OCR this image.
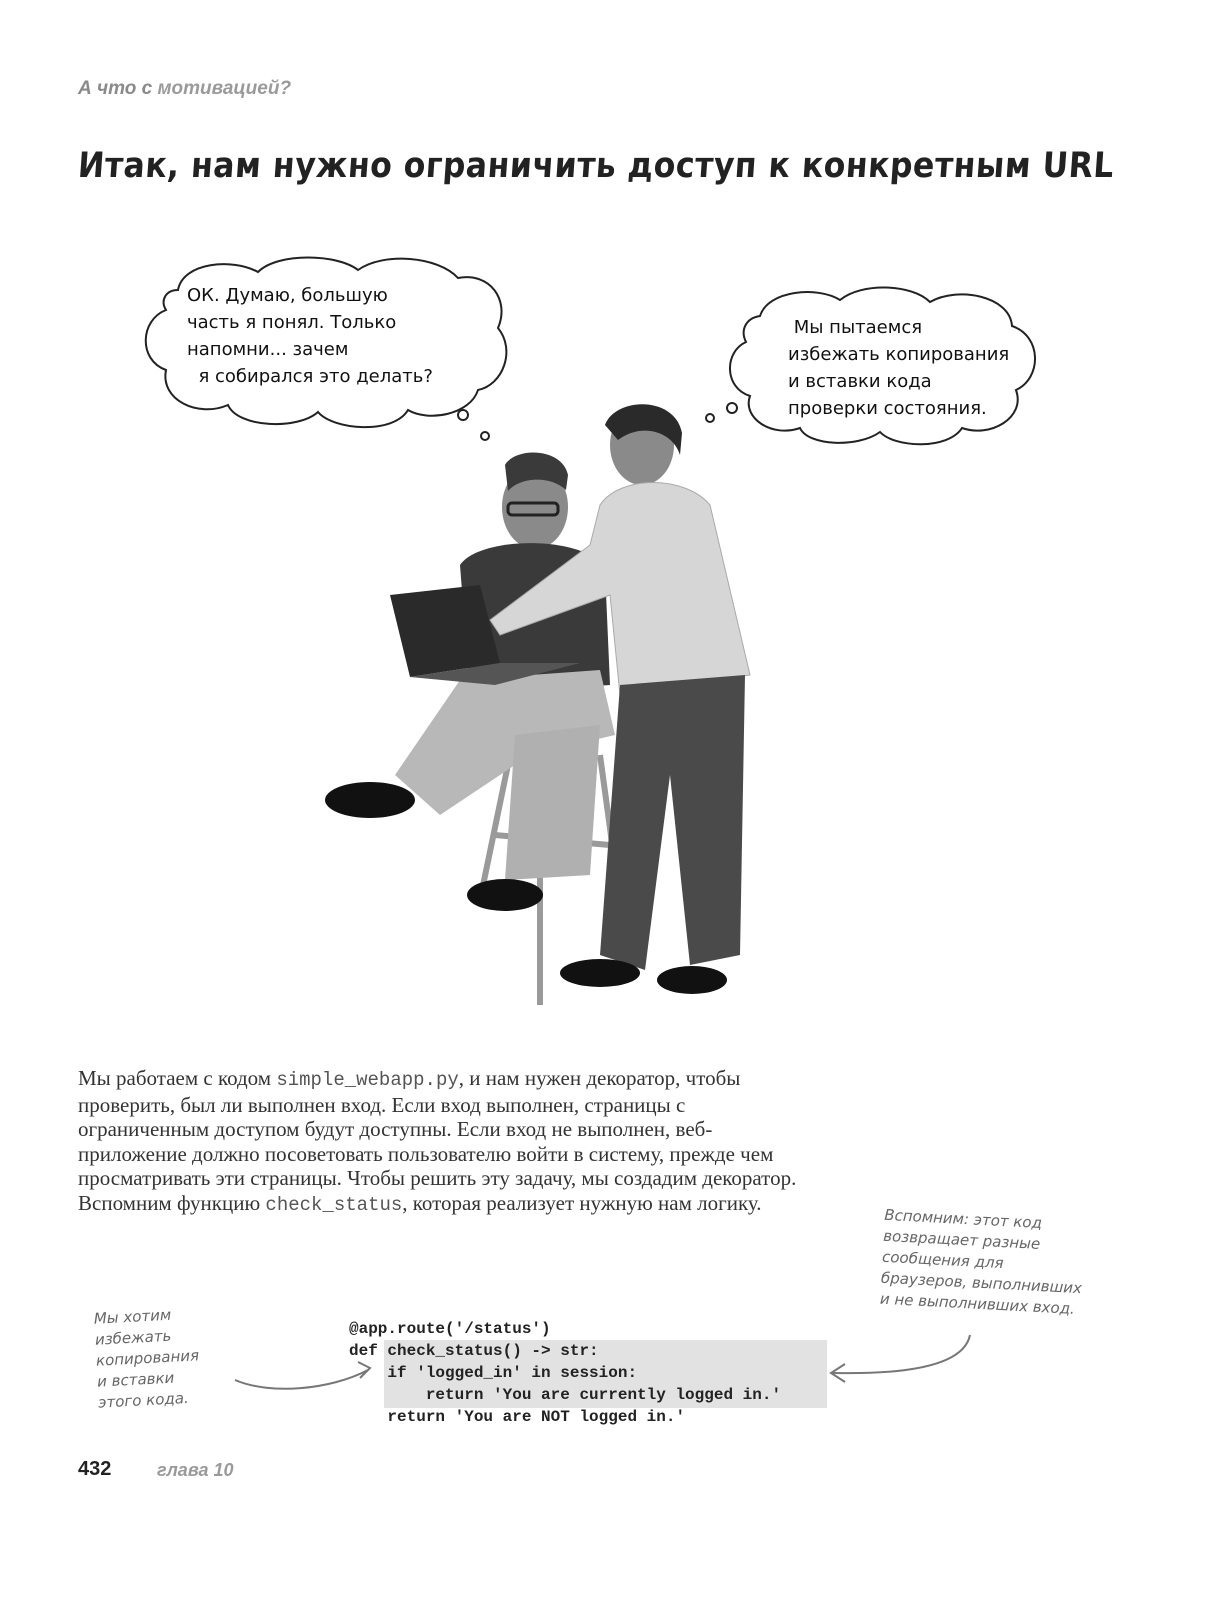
А что с мотивацией?
Итак, нам нужно ограничить доступ к конкретным URL
ОК. Думаю, большую
часть я понял. Только
напомни... зачем
я собирался это делать?
Мы пытаемся
избежать копирования
и вставки кода
проверки состояния.
Мы работаем с кодом simple_webapp.py, и нам нужен декоратор, чтобы проверить, был ли выполнен вход. Если вход выполнен, страницы с ограниченным доступом будут доступны. Если вход не выполнен, веб-приложение должно посоветовать пользователю войти в систему, прежде чем просматривать эти страницы. Чтобы решить эту задачу, мы создадим декоратор. Вспомним функцию check_status, которая реализует нужную нам логику.
@app.route('/status')
def check_status() -> str:
if 'logged_in' in session:
return 'You are currently logged in.'
return 'You are NOT logged in.'
Мы хотим
избежать
копирования
и вставки
этого кода.
Вспомним: этот код
возвращает разные
сообщения для
браузеров, выполнивших
и не выполнивших вход.
432	глава 10
